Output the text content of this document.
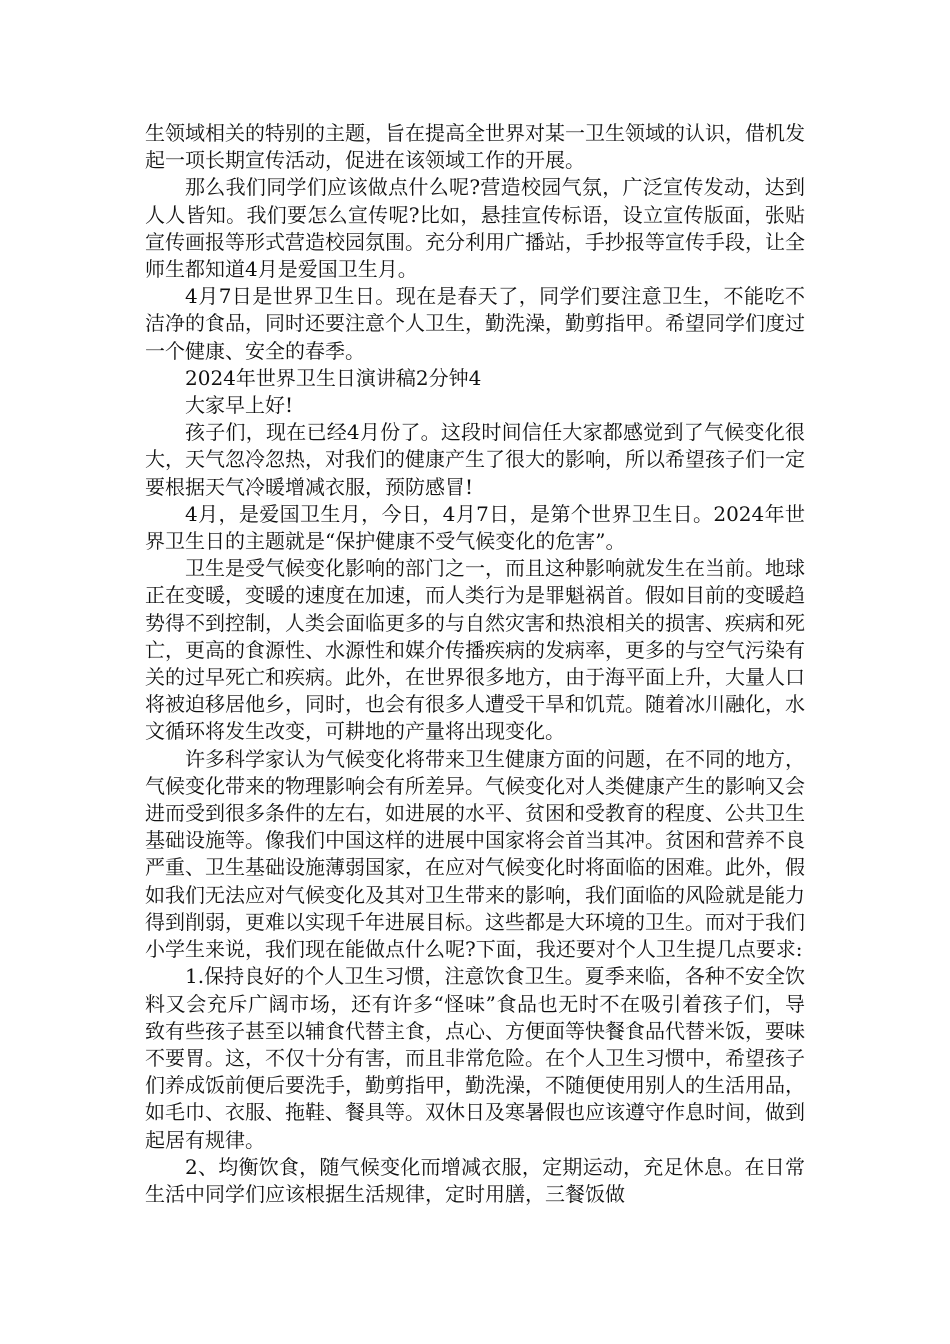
生领域相关的特别的主题，旨在提高全世界对某一卫生领域的认识，借机发起一项长期宣传活动，促进在该领域工作的开展。

那么我们同学们应该做点什么呢?营造校园气氛，广泛宣传发动，达到人人皆知。我们要怎么宣传呢?比如，悬挂宣传标语，设立宣传版面，张贴宣传画报等形式营造校园氛围。充分利用广播站，手抄报等宣传手段，让全师生都知道4月是爱国卫生月。

4月7日是世界卫生日。现在是春天了，同学们要注意卫生，不能吃不洁净的食品，同时还要注意个人卫生，勤洗澡，勤剪指甲。希望同学们度过一个健康、安全的春季。

2024年世界卫生日演讲稿2分钟4

大家早上好!

孩子们，现在已经4月份了。这段时间信任大家都感觉到了气候变化很大，天气忽冷忽热，对我们的健康产生了很大的影响，所以希望孩子们一定要根据天气冷暖增减衣服，预防感冒!

4月，是爱国卫生月，今日，4月7日，是第个世界卫生日。2024年世界卫生日的主题就是“保护健康不受气候变化的危害”。

卫生是受气候变化影响的部门之一，而且这种影响就发生在当前。地球正在变暖，变暖的速度在加速，而人类行为是罪魁祸首。假如目前的变暖趋势得不到控制，人类会面临更多的与自然灾害和热浪相关的损害、疾病和死亡，更高的食源性、水源性和媒介传播疾病的发病率，更多的与空气污染有关的过早死亡和疾病。此外，在世界很多地方，由于海平面上升，大量人口将被迫移居他乡，同时，也会有很多人遭受干旱和饥荒。随着冰川融化，水文循环将发生改变，可耕地的产量将出现变化。

许多科学家认为气候变化将带来卫生健康方面的问题，在不同的地方，气候变化带来的物理影响会有所差异。气候变化对人类健康产生的影响又会进而受到很多条件的左右，如进展的水平、贫困和受教育的程度、公共卫生基础设施等。像我们中国这样的进展中国家将会首当其冲。贫困和营养不良严重、卫生基础设施薄弱国家，在应对气候变化时将面临的困难。此外，假如我们无法应对气候变化及其对卫生带来的影响，我们面临的风险就是能力得到削弱，更难以实现千年进展目标。这些都是大环境的卫生。而对于我们小学生来说，我们现在能做点什么呢?下面，我还要对个人卫生提几点要求:

1.保持良好的个人卫生习惯，注意饮食卫生。夏季来临，各种不安全饮料又会充斥广阔市场，还有许多“怪味”食品也无时不在吸引着孩子们，导致有些孩子甚至以辅食代替主食，点心、方便面等快餐食品代替米饭，要味不要胃。这，不仅十分有害，而且非常危险。在个人卫生习惯中，希望孩子们养成饭前便后要洗手，勤剪指甲，勤洗澡，不随便使用别人的生活用品，如毛巾、衣服、拖鞋、餐具等。双休日及寒暑假也应该遵守作息时间，做到起居有规律。

2、均衡饮食，随气候变化而增减衣服，定期运动，充足休息。在日常生活中同学们应该根据生活规律，定时用膳，三餐饭做
